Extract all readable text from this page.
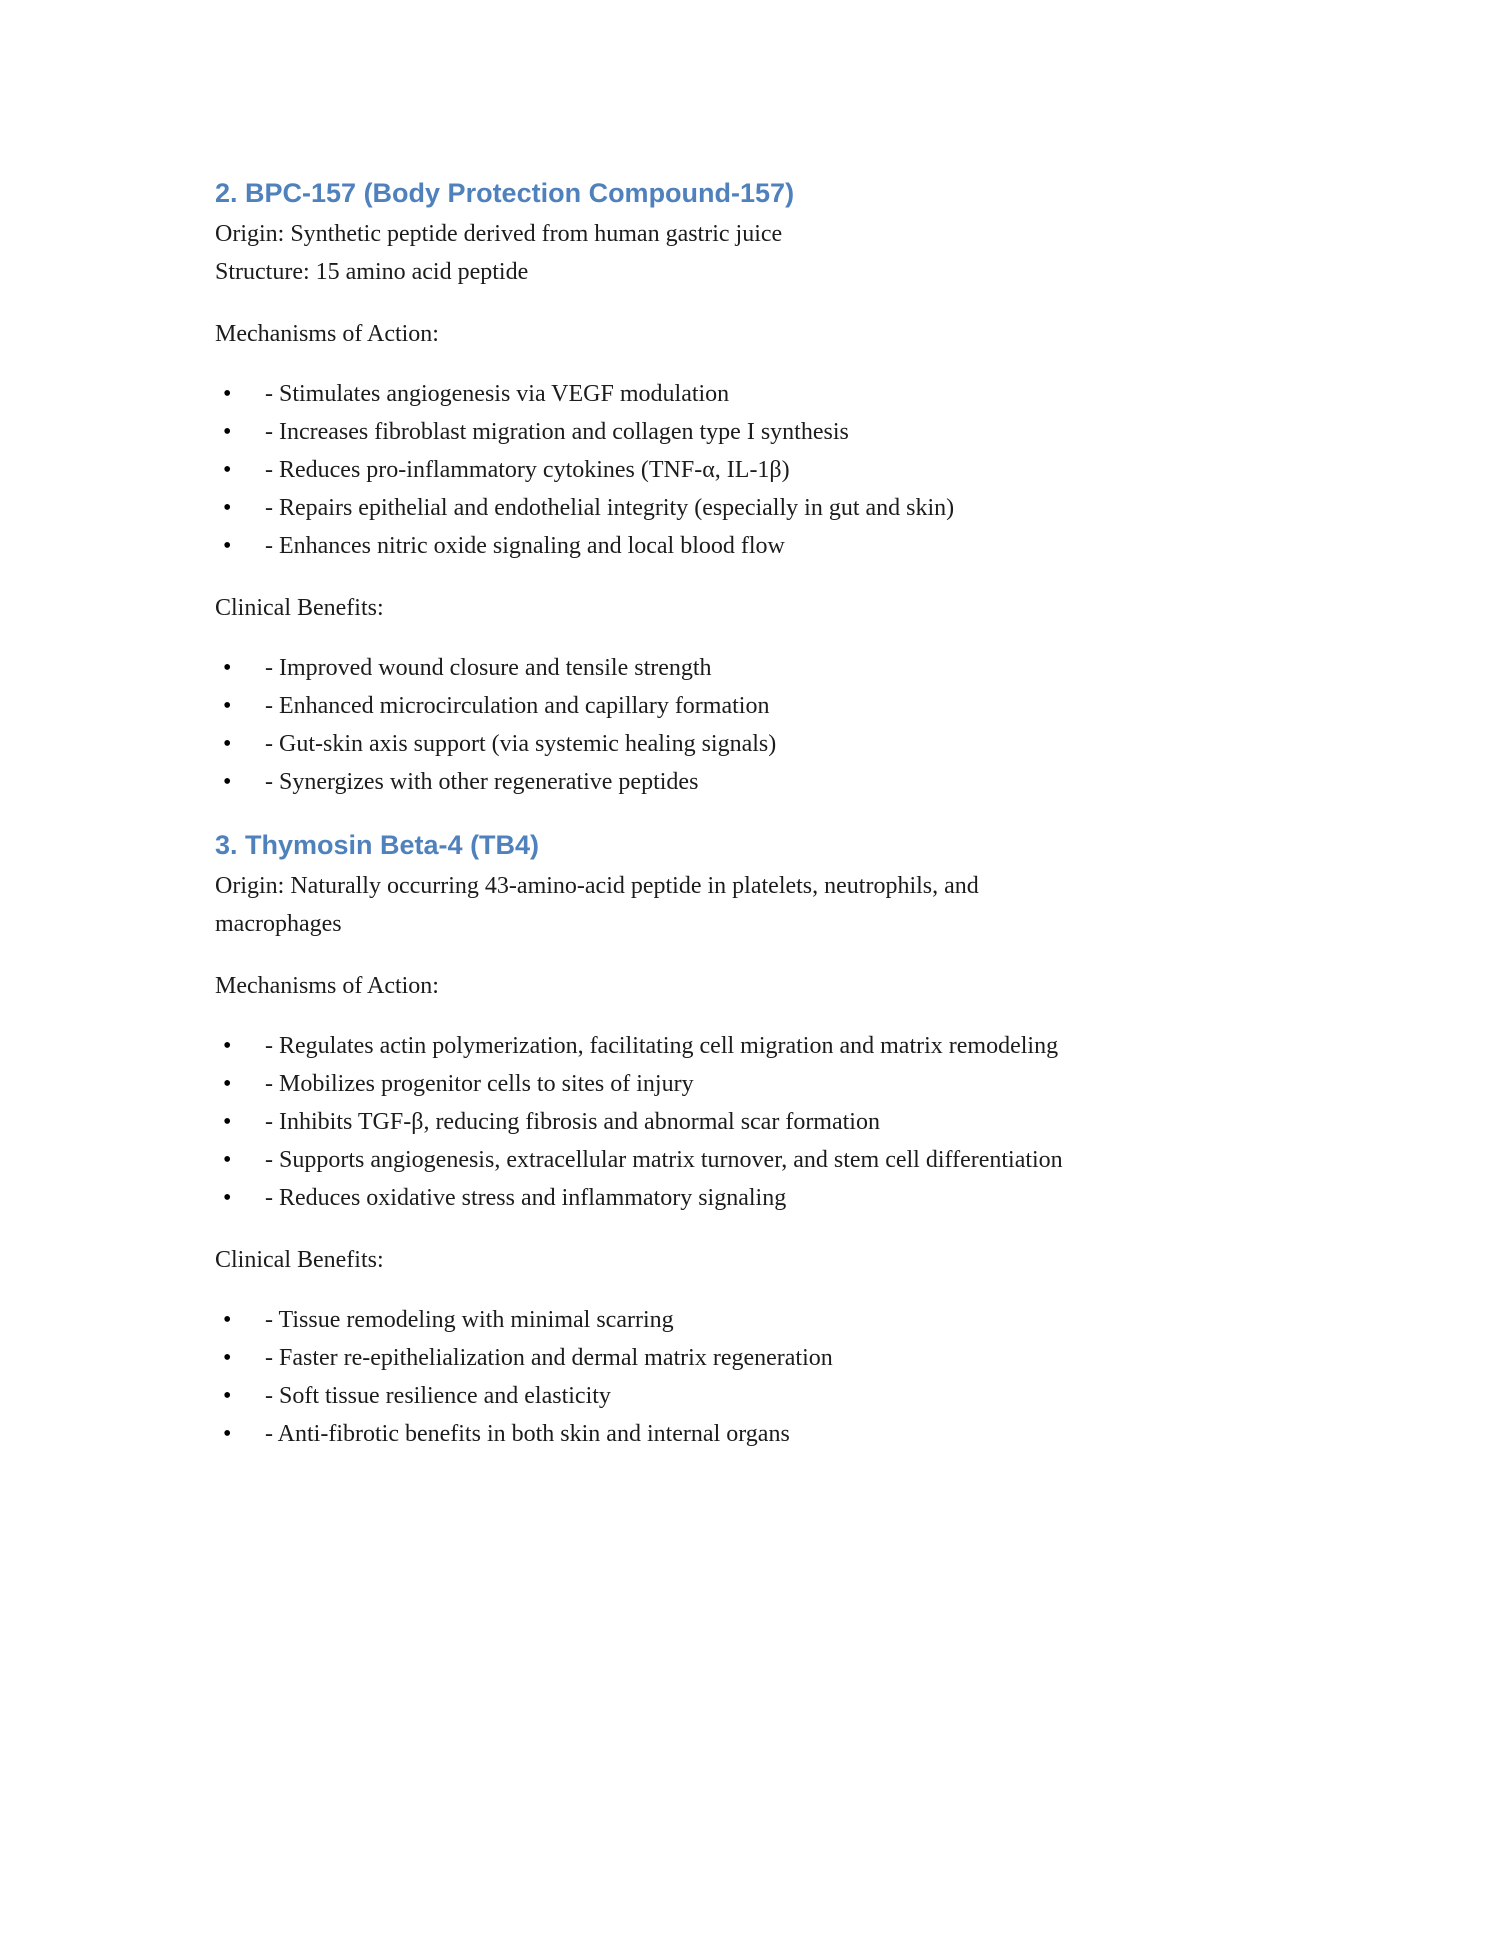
2. BPC-157 (Body Protection Compound-157)
Origin: Synthetic peptide derived from human gastric juice
Structure: 15 amino acid peptide

Mechanisms of Action:

• - Stimulates angiogenesis via VEGF modulation
• - Increases fibroblast migration and collagen type I synthesis
• - Reduces pro-inflammatory cytokines (TNF-α, IL-1β)
• - Repairs epithelial and endothelial integrity (especially in gut and skin)
• - Enhances nitric oxide signaling and local blood flow

Clinical Benefits:

• - Improved wound closure and tensile strength
• - Enhanced microcirculation and capillary formation
• - Gut-skin axis support (via systemic healing signals)
• - Synergizes with other regenerative peptides
3. Thymosin Beta-4 (TB4)
Origin: Naturally occurring 43-amino-acid peptide in platelets, neutrophils, and
macrophages

Mechanisms of Action:

• - Regulates actin polymerization, facilitating cell migration and matrix remodeling
• - Mobilizes progenitor cells to sites of injury
• - Inhibits TGF-β, reducing fibrosis and abnormal scar formation
• - Supports angiogenesis, extracellular matrix turnover, and stem cell differentiation
• - Reduces oxidative stress and inflammatory signaling

Clinical Benefits:

• - Tissue remodeling with minimal scarring
• - Faster re-epithelialization and dermal matrix regeneration
• - Soft tissue resilience and elasticity
• - Anti-fibrotic benefits in both skin and internal organs
